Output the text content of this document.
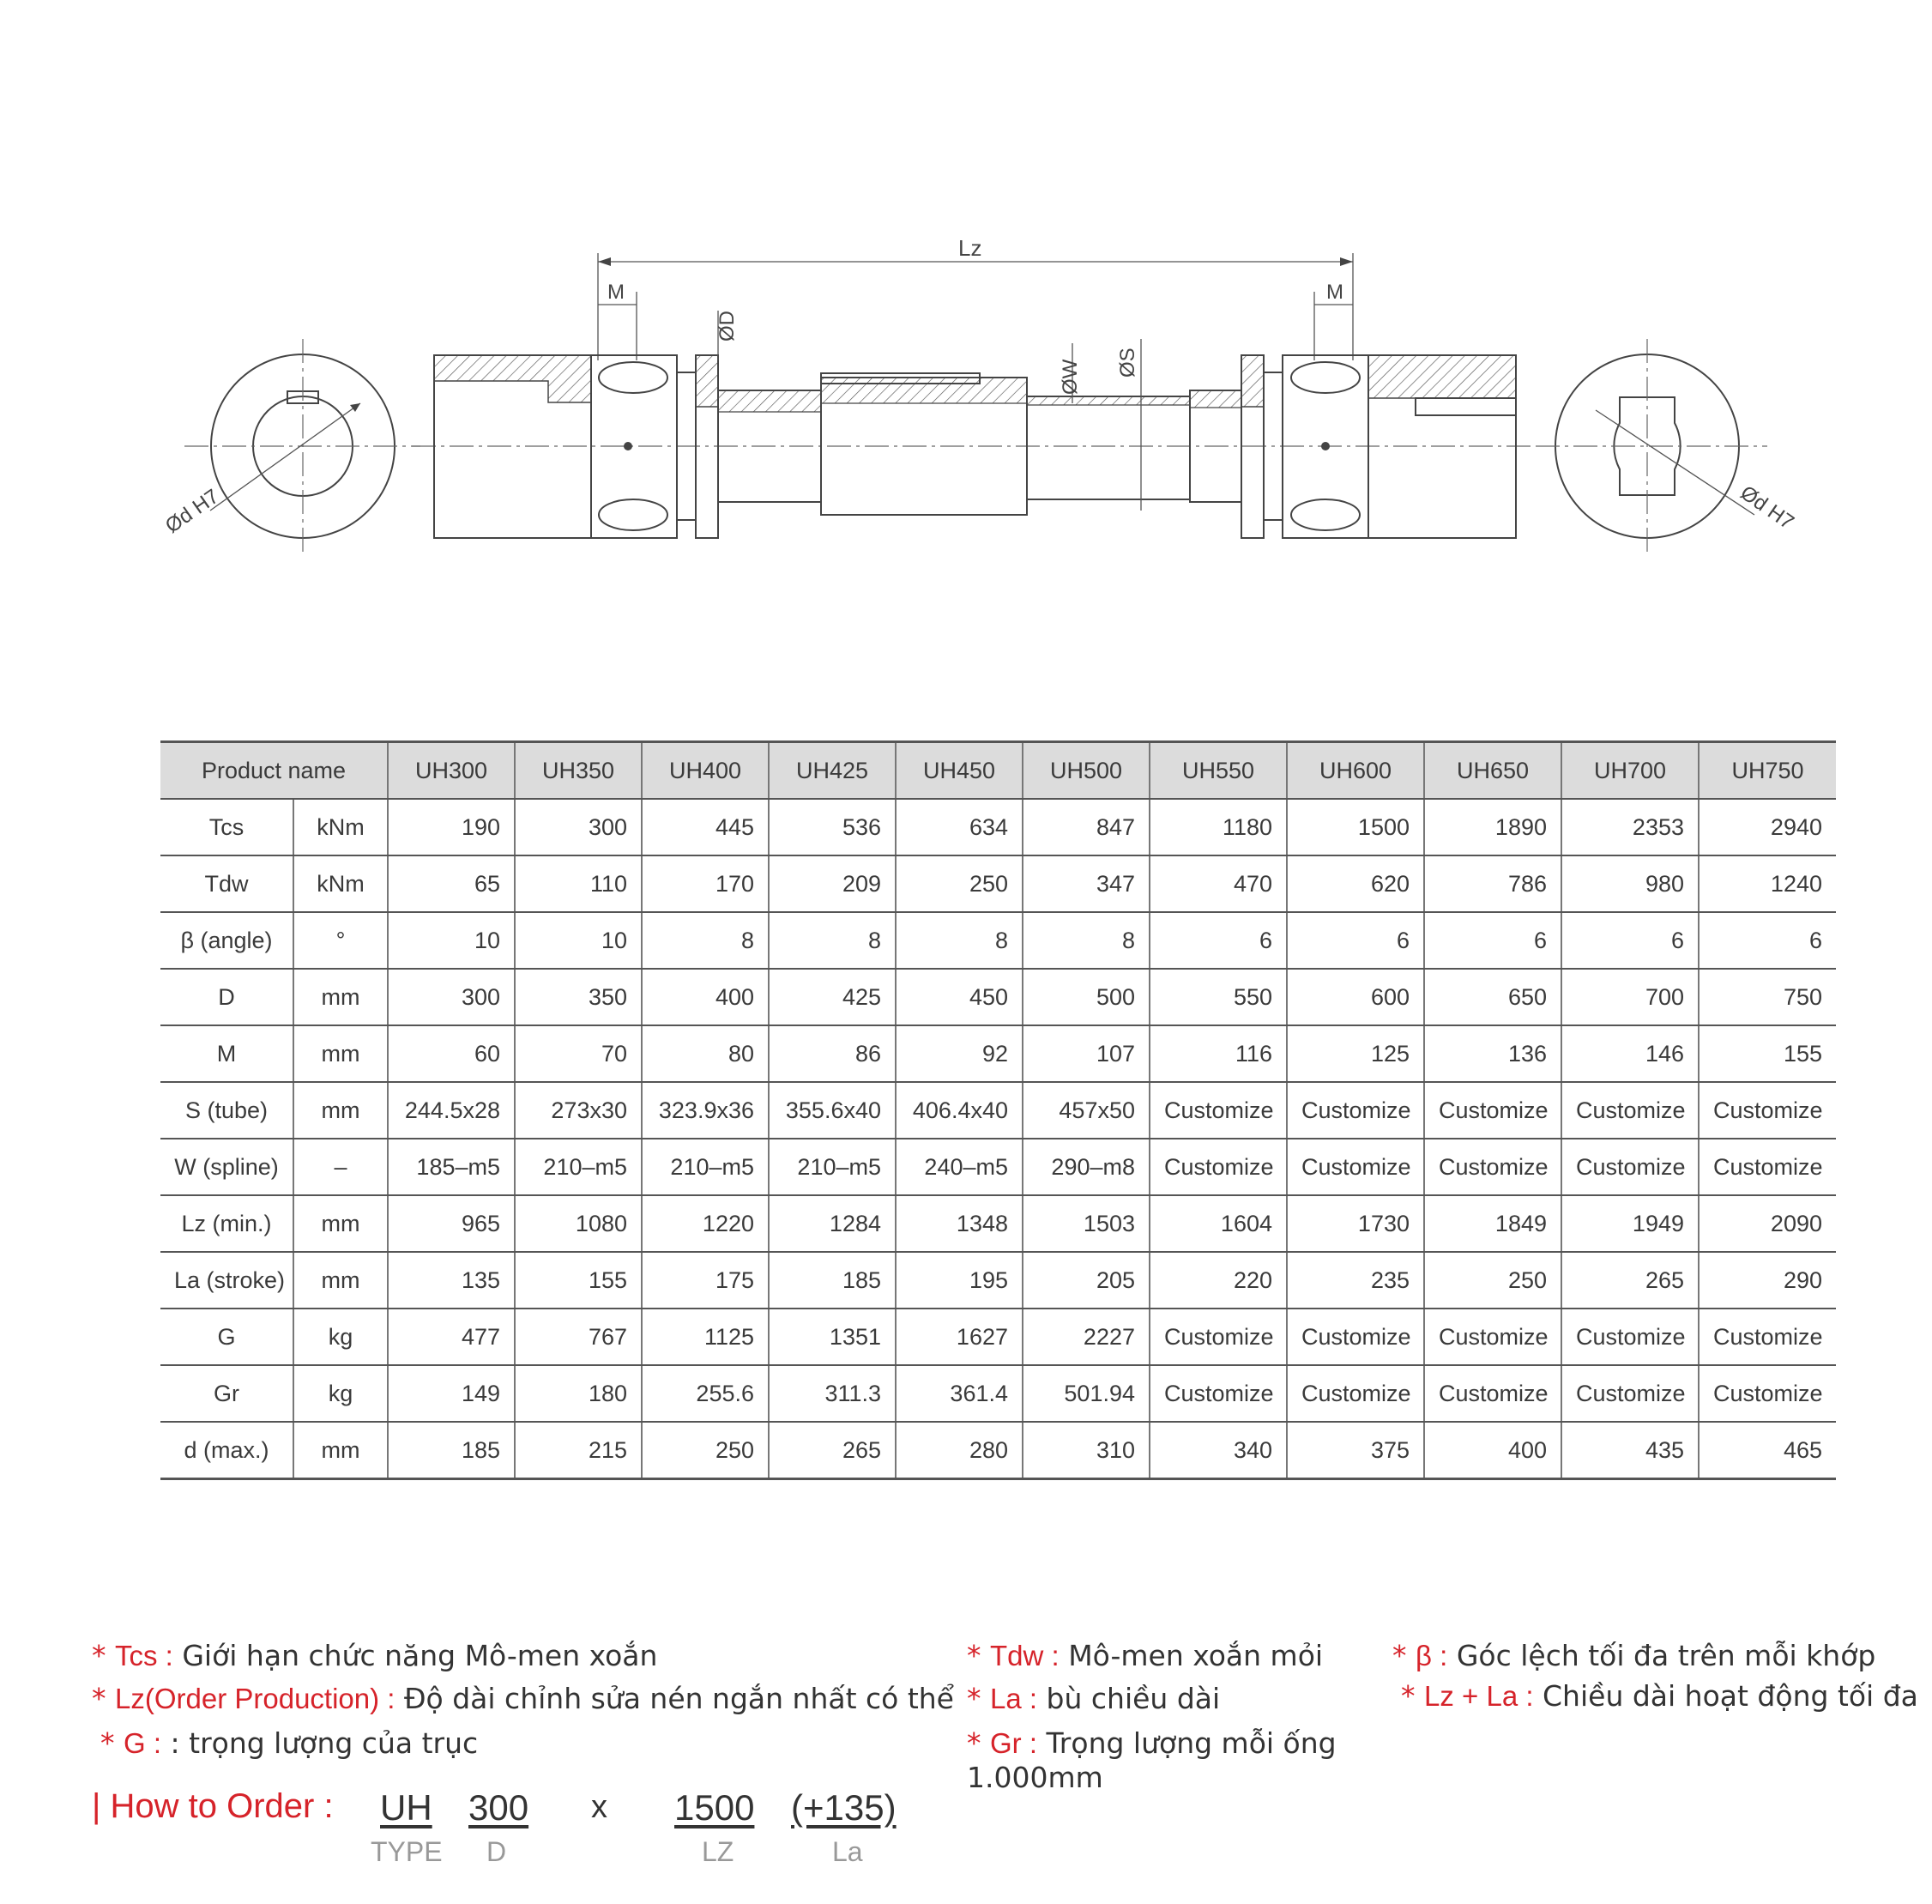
Ød H7	Ød H7
Lz
M	M
ØD
ØW ØS
Product name		UH300	UH350	UH400	UH425	UH450	UH500	UH550	UH600	UH650	UH700	UH750
Tcs	kNm	190	300	445	536	634	847	1180	1500	1890	2353	2940
Tdw	kNm	65	110	170	209	250	347	470	620	786	980	1240
β (angle)	°	10	10	8	8	8	8	6	6	6	6	6
D	mm	300	350	400	425	450	500	550	600	650	700	750
M	mm	60	70	80	86	92	107	116	125	136	146	155
S (tube)	mm	244.5x28	273x30	323.9x36	355.6x40	406.4x40	457x50	Customize	Customize	Customize	Customize	Customize
W (spline)	–	185–m5	210–m5	210–m5	210–m5	240–m5	290–m8	Customize	Customize	Customize	Customize	Customize
Lz (min.)	mm	965	1080	1220	1284	1348	1503	1604	1730	1849	1949	2090
La (stroke)	mm	135	155	175	185	195	205	220	235	250	265	290
G	kg	477	767	1125	1351	1627	2227	Customize	Customize	Customize	Customize	Customize
Gr	kg	149	180	255.6	311.3	361.4	501.94	Customize	Customize	Customize	Customize	Customize
d (max.)	mm	185	215	250	265	280	310	340	375	400	435	465
* Tcs : Giới hạn chức năng Mô-men xoắn
* Lz(Order Production) : Độ dài chỉnh sửa nén ngắn nhất có thể
* G : : trọng lượng của trục
* Tdw : Mô-men xoắn mỏi
* La : bù chiều dài
* Gr : Trọng lượng mỗi ống 1.000mm
* β : Góc lệch tối đa trên mỗi khớp
* Lz + La : Chiều dài hoạt động tối đa
| How to Order : UH 300 x 1500 (+135)
TYPE D	LZ	La
